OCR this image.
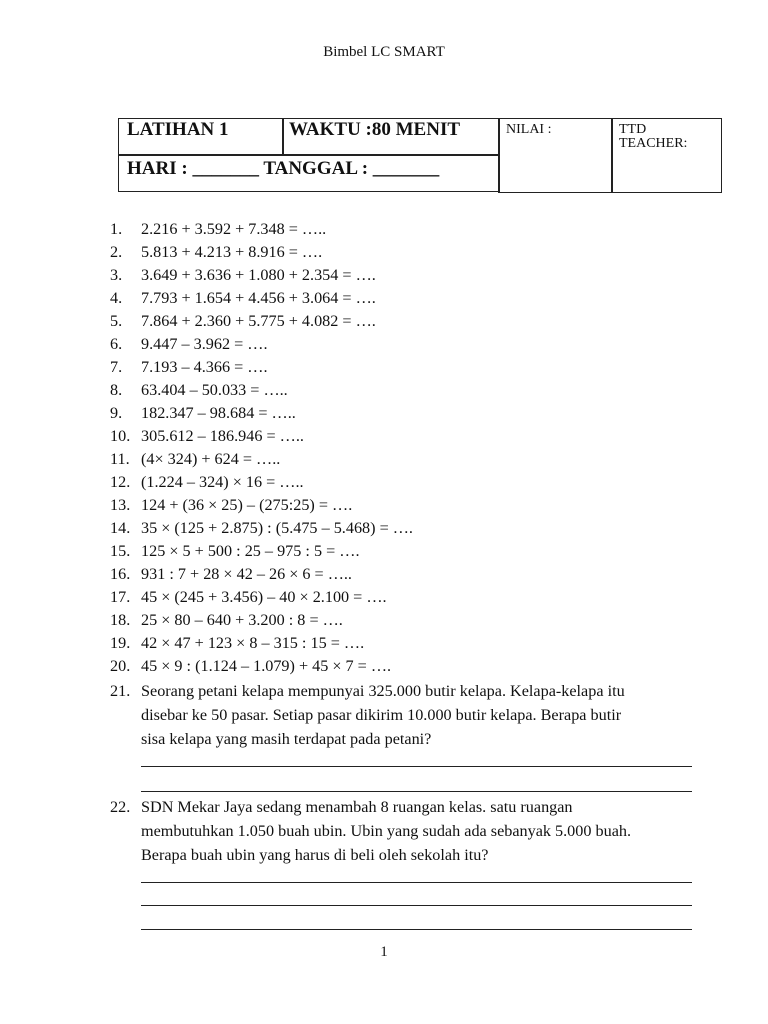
Bimbel LC SMART
LATIHAN 1	WAKTU :80 MENIT
HARI : _______ TANGGAL : _______
NILAI :	TTD
TEACHER:
1. 2.216 + 3.592 + 7.348 = …..
2. 5.813 + 4.213 + 8.916 = ….
3. 3.649 + 3.636 + 1.080 + 2.354 = ….
4. 7.793 + 1.654 + 4.456 + 3.064 = ….
5. 7.864 + 2.360 + 5.775 + 4.082 = ….
6. 9.447 – 3.962 = ….
7. 7.193 – 4.366 = ….
8. 63.404 – 50.033 = …..
9. 182.347 – 98.684 = …..
10. 305.612 – 186.946 = …..
11. (4× 324) + 624 = …..
12. (1.224 – 324) × 16 = …..
13. 124 + (36 × 25) – (275:25) = ….
14. 35 × (125 + 2.875) : (5.475 – 5.468) = ….
15. 125 × 5 + 500 : 25 – 975 : 5 = ….
16. 931 : 7 + 28 × 42 – 26 × 6 = …..
17. 45 × (245 + 3.456) – 40 × 2.100 = ….
18. 25 × 80 – 640 + 3.200 : 8 = ….
19. 42 × 47 + 123 × 8 – 315 : 15 = ….
20. 45 × 9 : (1.124 – 1.079) + 45 × 7 = ….
21. Seorang petani kelapa mempunyai 325.000 butir kelapa. Kelapa-kelapa itu
disebar ke 50 pasar. Setiap pasar dikirim 10.000 butir kelapa. Berapa butir
sisa kelapa yang masih terdapat pada petani?
22. SDN Mekar Jaya sedang menambah 8 ruangan kelas. satu ruangan
membutuhkan 1.050 buah ubin. Ubin yang sudah ada sebanyak 5.000 buah.
Berapa buah ubin yang harus di beli oleh sekolah itu?
1
